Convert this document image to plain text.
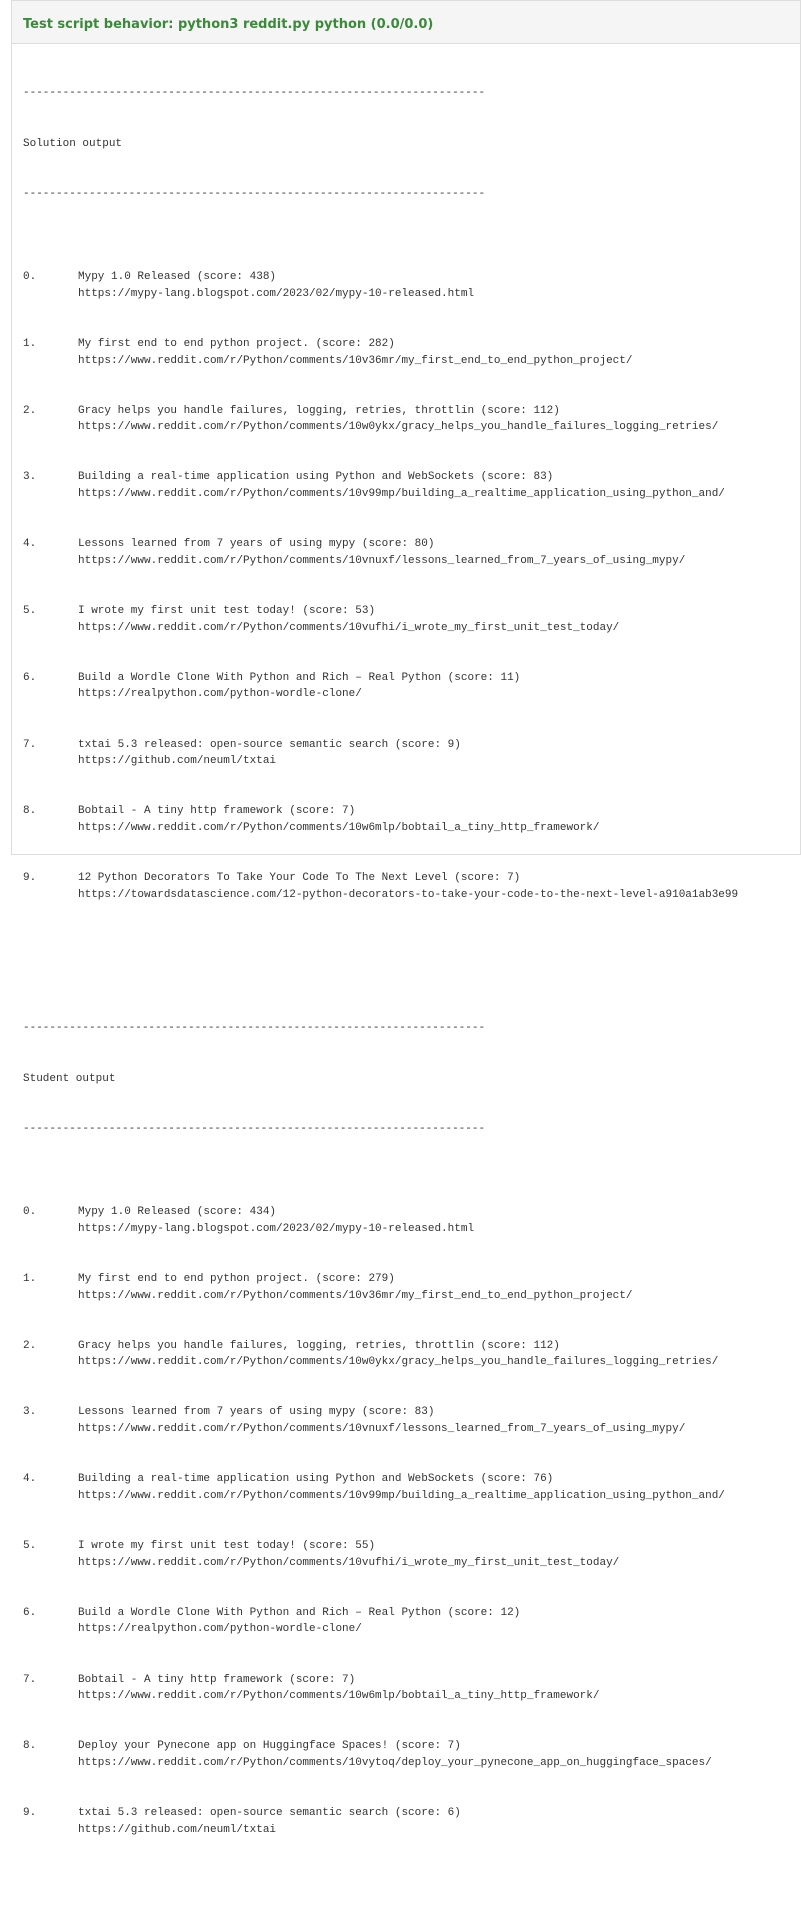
Test script behavior: python3 reddit.py python (0.0/0.0)

----------------------------------------------------------------------

Solution output

----------------------------------------------------------------------

0.	Mypy 1.0 Released (score: 438)
https://mypy-lang.blogspot.com/2023/02/mypy-10-released.html

1.	My first end to end python project. (score: 282)
https://www.reddit.com/r/Python/comments/10v36mr/my_first_end_to_end_python_project/

2.	Gracy helps you handle failures, logging, retries, throttlin (score: 112)
https://www.reddit.com/r/Python/comments/10w0ykx/gracy_helps_you_handle_failures_logging_retries/

3.	Building a real-time application using Python and WebSockets (score: 83)
https://www.reddit.com/r/Python/comments/10v99mp/building_a_realtime_application_using_python_and/

4.	Lessons learned from 7 years of using mypy (score: 80)
https://www.reddit.com/r/Python/comments/10vnuxf/lessons_learned_from_7_years_of_using_mypy/

5.	I wrote my first unit test today! (score: 53)
https://www.reddit.com/r/Python/comments/10vufhi/i_wrote_my_first_unit_test_today/

6.	Build a Wordle Clone With Python and Rich – Real Python (score: 11)
https://realpython.com/python-wordle-clone/

7.	txtai 5.3 released: open-source semantic search (score: 9)
https://github.com/neuml/txtai

8.	Bobtail - A tiny http framework (score: 7)
https://www.reddit.com/r/Python/comments/10w6mlp/bobtail_a_tiny_http_framework/

9.	12 Python Decorators To Take Your Code To The Next Level (score: 7)
https://towardsdatascience.com/12-python-decorators-to-take-your-code-to-the-next-level-a910a1ab3e99

----------------------------------------------------------------------

Student output

----------------------------------------------------------------------

0.	Mypy 1.0 Released (score: 434)
https://mypy-lang.blogspot.com/2023/02/mypy-10-released.html

1.	My first end to end python project. (score: 279)
https://www.reddit.com/r/Python/comments/10v36mr/my_first_end_to_end_python_project/

2.	Gracy helps you handle failures, logging, retries, throttlin (score: 112)
https://www.reddit.com/r/Python/comments/10w0ykx/gracy_helps_you_handle_failures_logging_retries/

3.	Lessons learned from 7 years of using mypy (score: 83)
https://www.reddit.com/r/Python/comments/10vnuxf/lessons_learned_from_7_years_of_using_mypy/

4.	Building a real-time application using Python and WebSockets (score: 76)
https://www.reddit.com/r/Python/comments/10v99mp/building_a_realtime_application_using_python_and/

5.	I wrote my first unit test today! (score: 55)
https://www.reddit.com/r/Python/comments/10vufhi/i_wrote_my_first_unit_test_today/

6.	Build a Wordle Clone With Python and Rich – Real Python (score: 12)
https://realpython.com/python-wordle-clone/

7.	Bobtail - A tiny http framework (score: 7)
https://www.reddit.com/r/Python/comments/10w6mlp/bobtail_a_tiny_http_framework/

8.	Deploy your Pynecone app on Huggingface Spaces! (score: 7)
https://www.reddit.com/r/Python/comments/10vytoq/deploy_your_pynecone_app_on_huggingface_spaces/

9.	txtai 5.3 released: open-source semantic search (score: 6)
https://github.com/neuml/txtai
